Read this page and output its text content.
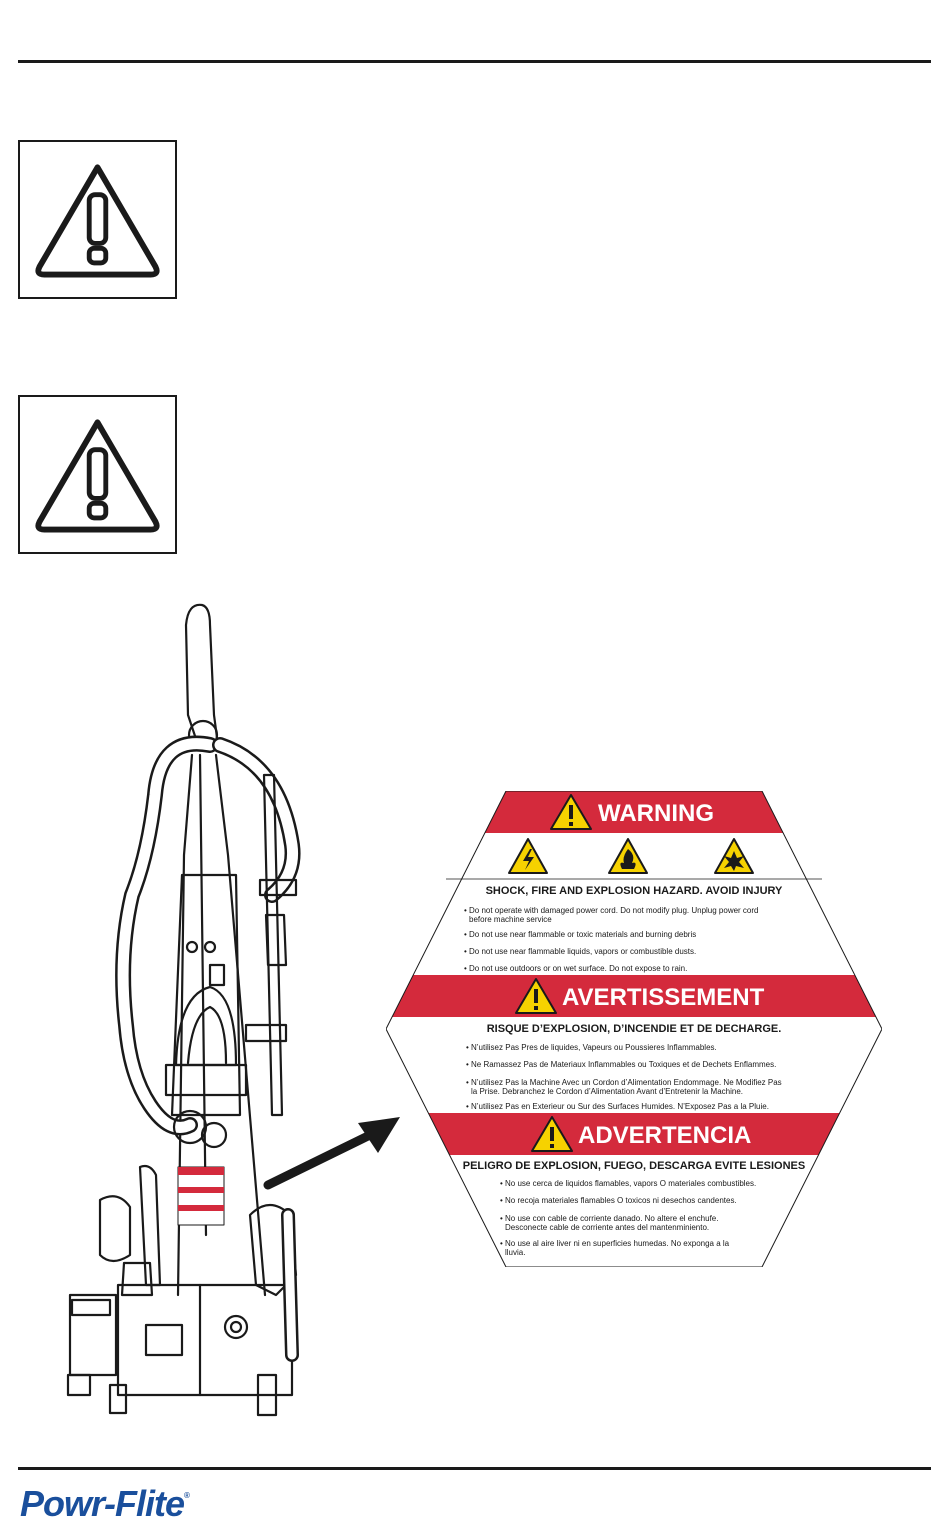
WARNING
AVERTISSEMENT
ADVERTENCIA
SHOCK, FIRE AND EXPLOSION HAZARD. AVOID INJURY
• Do not operate with damaged power cord. Do not modify plug. Unplug power cord
before machine service
• Do not use near flammable or toxic materials and burning debris
• Do not use near flammable liquids, vapors or combustible dusts.
• Do not use outdoors or on wet surface. Do not expose to rain.
RISQUE D’EXPLOSION, D’INCENDIE ET DE DECHARGE.
• N’utilisez Pas Pres de liquides, Vapeurs ou Poussieres Inflammables.
• Ne Ramassez Pas de Materiaux Inflammables ou Toxiques et de Dechets Enflammes.
• N’utilisez Pas la Machine Avec un Cordon d’Alimentation Endommage. Ne Modifiez Pas
la Prise. Debranchez le Cordon d’Alimentation Avant d’Entretenir la Machine.
• N’utilisez Pas en Exterieur ou Sur des Surfaces Humides. N’Exposez Pas a la Pluie.
PELIGRO DE EXPLOSION, FUEGO, DESCARGA EVITE LESIONES
• No use cerca de liquidos flamables, vapors O materiales combustibles.
• No recoja materiales flamables O toxicos ni desechos candentes.
• No use con cable de corriente danado. No altere el enchufe.
Desconecte cable de corriente antes del mantenminiento.
• No use al aire liver ni en superficies humedas. No exponga a la
lluvia.
Powr-Flite®
